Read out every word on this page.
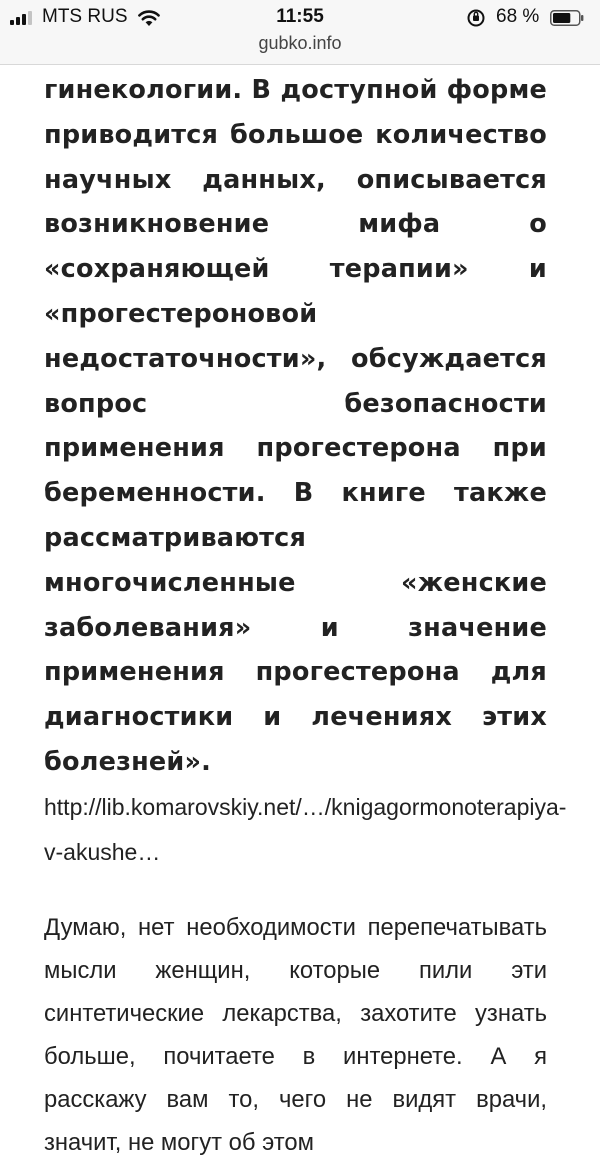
MTS RUS	11:55	68 %
gubko.info

гинекологии. В доступной форме приводится большое количество научных данных, описывается возникновение мифа о «сохраняющей терапии» и «прогестероновой недостаточности», обсуждается вопрос безопасности применения прогестерона при беременности. В книге также рассматриваются многочисленные «женские заболевания» и значение применения прогестерона для диагностики и лечениях этих болезней». http://lib.komarovskiy.net/…/knigagormonoterapiya-v-akushe…

Думаю, нет необходимости перепечатывать мысли женщин, которые пили эти синтетические лекарства, захотите узнать больше, почитаете в интернете. А я расскажу вам то, чего не видят врачи, значит, не могут об этом
